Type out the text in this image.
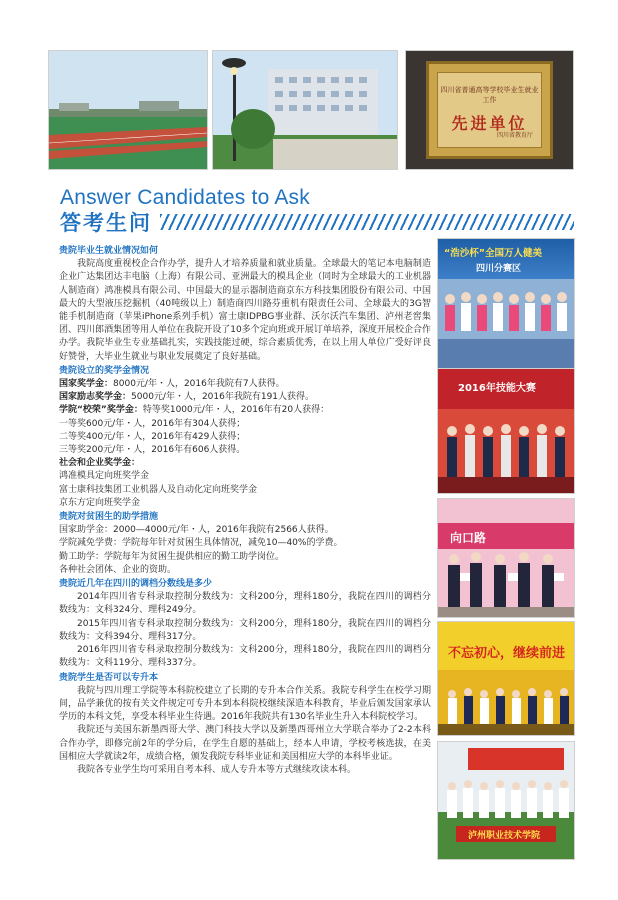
四川省普通高等学校毕业生就业工作
先进单位
四川省教育厅
Answer Candidates to Ask
答考生问
贵院毕业生就业情况如何
我院高度重视校企合作办学，提升人才培养质量和就业质量。全球最大的笔记本电脑制造企业广达集团达丰电脑（上海）有限公司、亚洲最大的模具企业（同时为全球最大的工业机器人制造商）鸿准模具有限公司、中国最大的显示器制造商京东方科技集团股份有限公司、中国最大的大型液压挖掘机（40吨级以上）制造商四川路芬重机有限责任公司、全球最大的3G智能手机制造商（苹果iPhone系列手机）富士康IDPBG事业群、沃尔沃汽车集团、泸州老窖集团、四川郎酒集团等用人单位在我院开设了10多个定向班或开展订单培养，深度开展校企合作办学。我院毕业生专业基础扎实，实践技能过硬，综合素质优秀，在以上用人单位广受好评良好赞誉，大毕业生就业与职业发展奠定了良好基础。
贵院设立的奖学金情况
国家奖学金：8000元/年・人，2016年我院有7人获得。
国家励志奖学金：5000元/年・人，2016年我院有191人获得。
学院“校荣”奖学金：特等奖1000元/年・人，2016年有20人获得：
一等奖600元/年・人，2016年有304人获得；
二等奖400元/年・人，2016年有429人获得；
三等奖200元/年・人，2016年有606人获得。
社会和企业奖学金：
鸿准模具定向班奖学金
富士康科技集团工业机器人及自动化定向班奖学金
京东方定向班奖学金
贵院对贫困生的助学措施
国家助学金：2000—4000元/年・人，2016年我院有2566人获得。
学院减免学费：学院每年针对贫困生具体情况，减免10—40%的学费。
勤工助学：学院每年为贫困生提供相应的勤工助学岗位。
各种社会团体、企业的资助。
贵院近几年在四川的调档分数线是多少
2014年四川省专科录取控制分数线为：文科200分，理科180分，我院在四川的调档分数线为：文科324分、理科249分。
2015年四川省专科录取控制分数线为：文科200分，理科180分，我院在四川的调档分数线为：文科394分、理科317分。
2016年四川省专科录取控制分数线为：文科200分，理科180分，我院在四川的调档分数线为：文科119分、理科337分。
贵院学生是否可以专升本
我院与四川理工学院等本科院校建立了长期的专升本合作关系。我院专科学生在校学习期间，品学兼优的按有关文件规定可专升本到本科院校继续深造本科教育，毕业后颁发国家承认学历的本科文凭，享受本科毕业生待遇。2016年我院共有130名毕业生升入本科院校学习。
我院还与美国东新墨西哥大学、澳门科技大学以及新墨西哥州立大学联合举办了2-2本科合作办学，即修完前2年的学分后，在学生自愿的基础上，经本人申请，学校考核选拔，在美国相应大学就读2年，成绩合格，颁发我院专科毕业证和美国相应大学的本科毕业证。
我院各专业学生均可采用自考本科、成人专升本等方式继续攻读本科。
“浩沙杯”全国万人健美
四川分赛区
2016年技能大赛
向口路
不忘初心，继续前进
泸州职业技术学院
